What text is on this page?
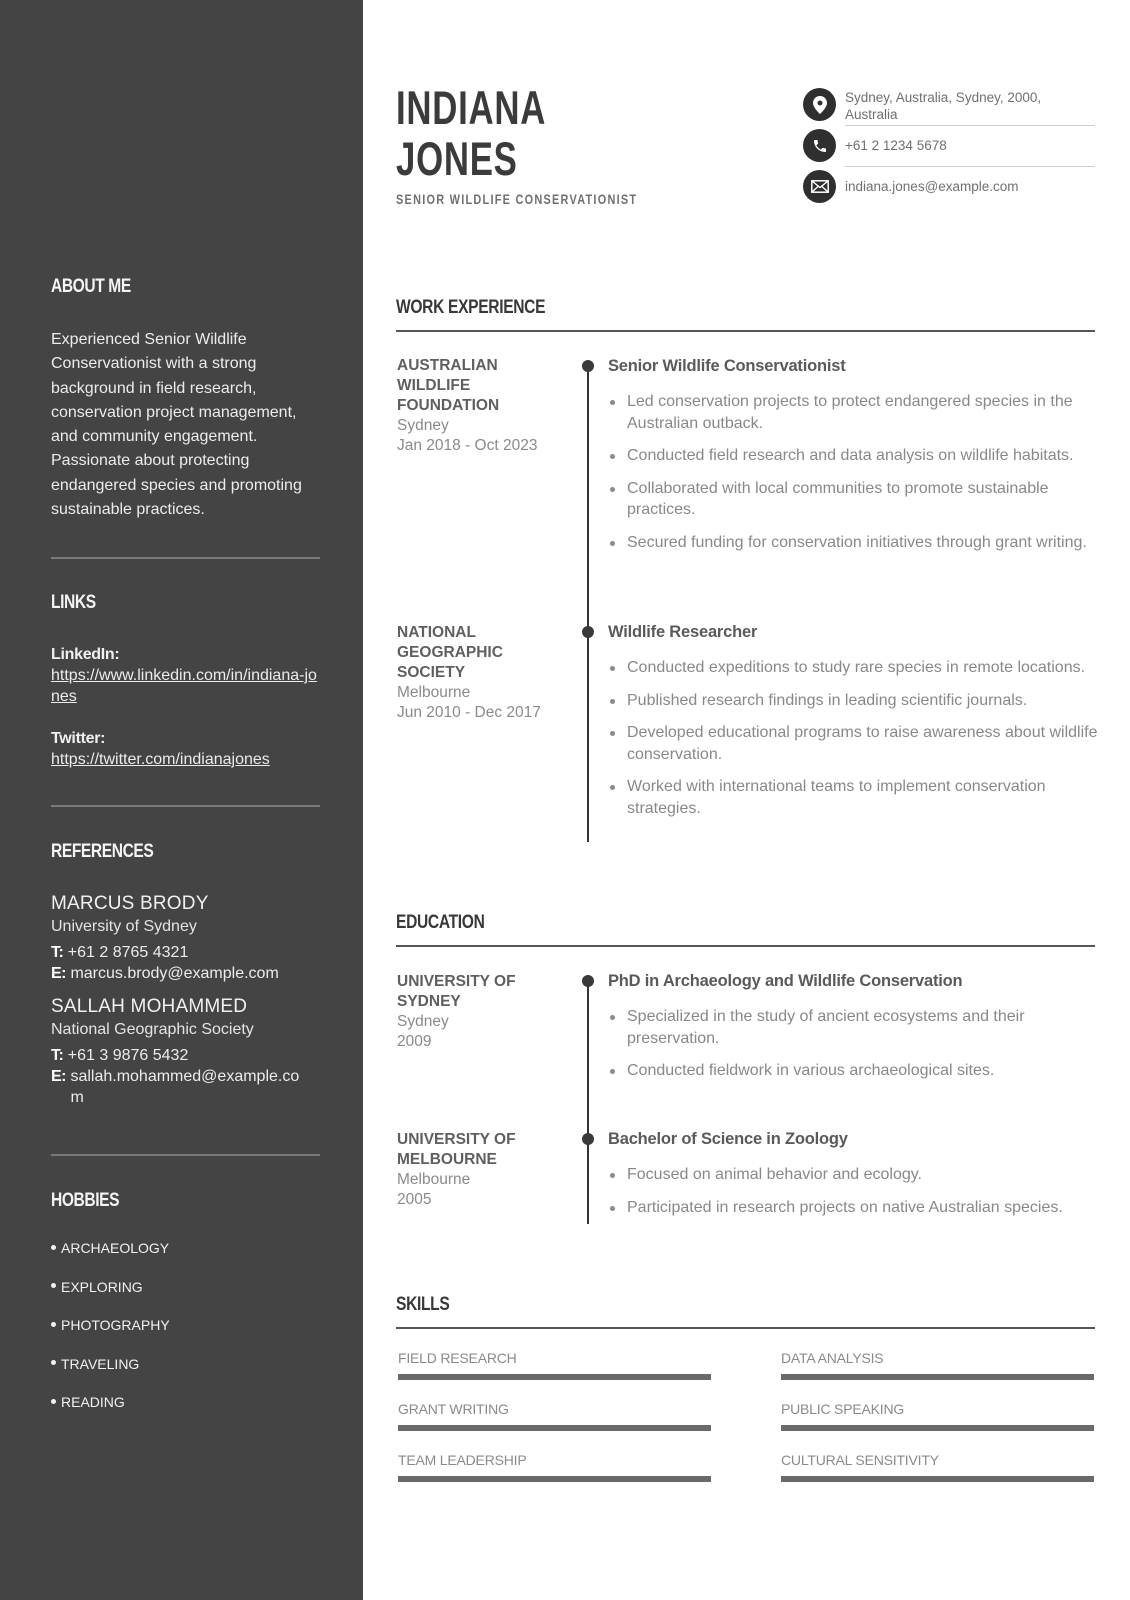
ABOUT ME

Experienced Senior Wildlife Conservationist with a strong background in field research, conservation project management, and community engagement. Passionate about protecting endangered species and promoting sustainable practices.

LINKS
LinkedIn:
https://www.linkedin.com/in/indiana-jones
Twitter:
https://twitter.com/indianajones
REFERENCES
MARCUS BRODY
University of Sydney
T: +61 2 8765 4321
E: marcus.brody@example.com
SALLAH MOHAMMED
National Geographic Society
T: +61 3 9876 5432
E: sallah.mohammed@example.com
HOBBIES
ARCHAEOLOGY
EXPLORING
PHOTOGRAPHY
TRAVELING
READING
INDIANA
JONES
SENIOR WILDLIFE CONSERVATIONIST
Sydney, Australia, Sydney, 2000, Australia
+61 2 1234 5678
indiana.jones@example.com
WORK EXPERIENCE
AUSTRALIAN WILDLIFE FOUNDATION
Sydney
Jan 2018 - Oct 2023
Senior Wildlife Conservationist
Led conservation projects to protect endangered species in the Australian outback.
Conducted field research and data analysis on wildlife habitats.
Collaborated with local communities to promote sustainable practices.
Secured funding for conservation initiatives through grant writing.
NATIONAL GEOGRAPHIC SOCIETY
Melbourne
Jun 2010 - Dec 2017
Wildlife Researcher
Conducted expeditions to study rare species in remote locations.
Published research findings in leading scientific journals.
Developed educational programs to raise awareness about wildlife conservation.
Worked with international teams to implement conservation strategies.
EDUCATION
UNIVERSITY OF SYDNEY
Sydney
2009
PhD in Archaeology and Wildlife Conservation
Specialized in the study of ancient ecosystems and their preservation.
Conducted fieldwork in various archaeological sites.
UNIVERSITY OF MELBOURNE
Melbourne
2005
Bachelor of Science in Zoology
Focused on animal behavior and ecology.
Participated in research projects on native Australian species.
SKILLS
FIELD RESEARCH	DATA ANALYSIS
GRANT WRITING	PUBLIC SPEAKING
TEAM LEADERSHIP	CULTURAL SENSITIVITY
